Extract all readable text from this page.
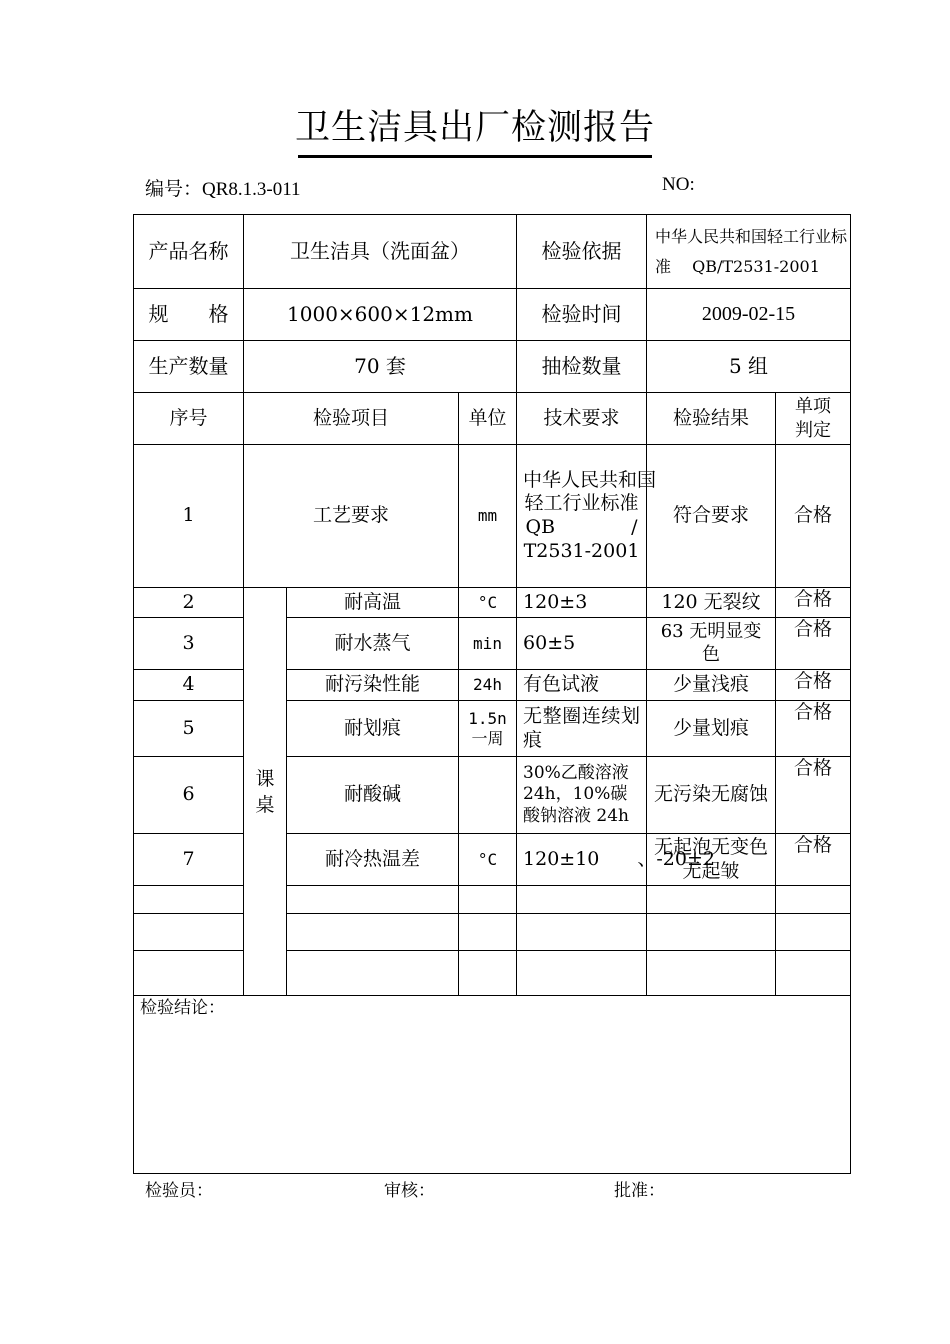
卫生洁具出厂检测报告
编号：QR8.1.3-011	NO:
产品名称	卫生洁具（洗面盆）			检验依据	中华人民共和国轻工行业标
准　 QB/T2531-2001	

规　　格	1000×600×12mm			检验时间	2009-02-15	
生产数量	70 套			抽检数量	5 组	
序号	检验项目		单位	技术要求	检验结果	单项
判定

1	工艺要求		mm	中华人民共和国
轻工行业标准
QB　　　　/
T2531-2001	符合要求	合格
2	课桌	耐高温	°C	120±3	120 无裂纹	合格
3		耐水蒸气	min	60±5	63 无明显变色	合格
4		耐污染性能	24h	有色试液	少量浅痕	合格
5		耐划痕	1.5n 一周	无整圈连续划痕	少量划痕	合格
6		耐酸碱		30%乙酸溶液 24h，10%碳酸钠溶液 24h	无污染无腐蚀	合格
7		耐冷热温差	°C	120±10　　、-20±2	无起泡无变色无起皱	合格

检验结论：						
检验员：	审核：	批准：
